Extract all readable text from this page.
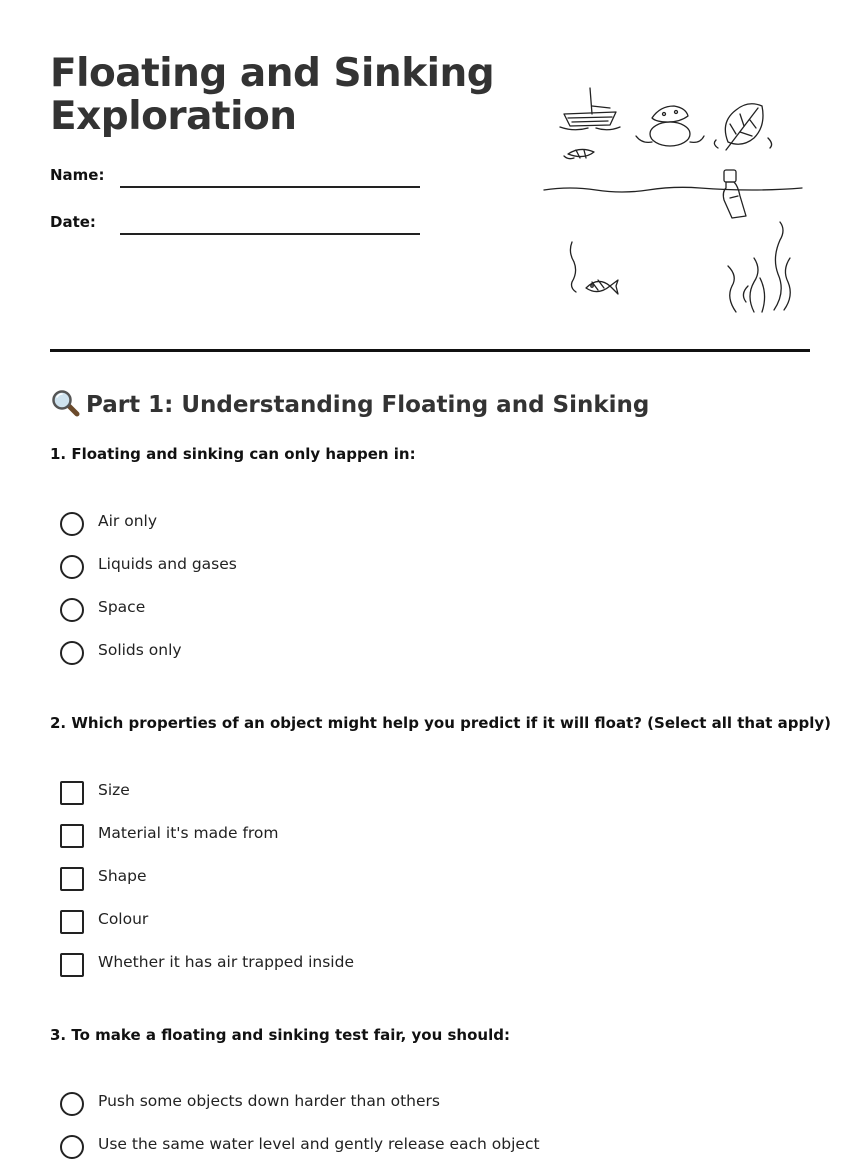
Floating and Sinking Exploration
Name:
Date:
Part 1: Understanding Floating and Sinking
1. Floating and sinking can only happen in:
Air only
Liquids and gases
Space
Solids only
2. Which properties of an object might help you predict if it will float? (Select all that apply)
Size
Material it's made from
Shape
Colour
Whether it has air trapped inside
3. To make a floating and sinking test fair, you should:
Push some objects down harder than others
Use the same water level and gently release each object
